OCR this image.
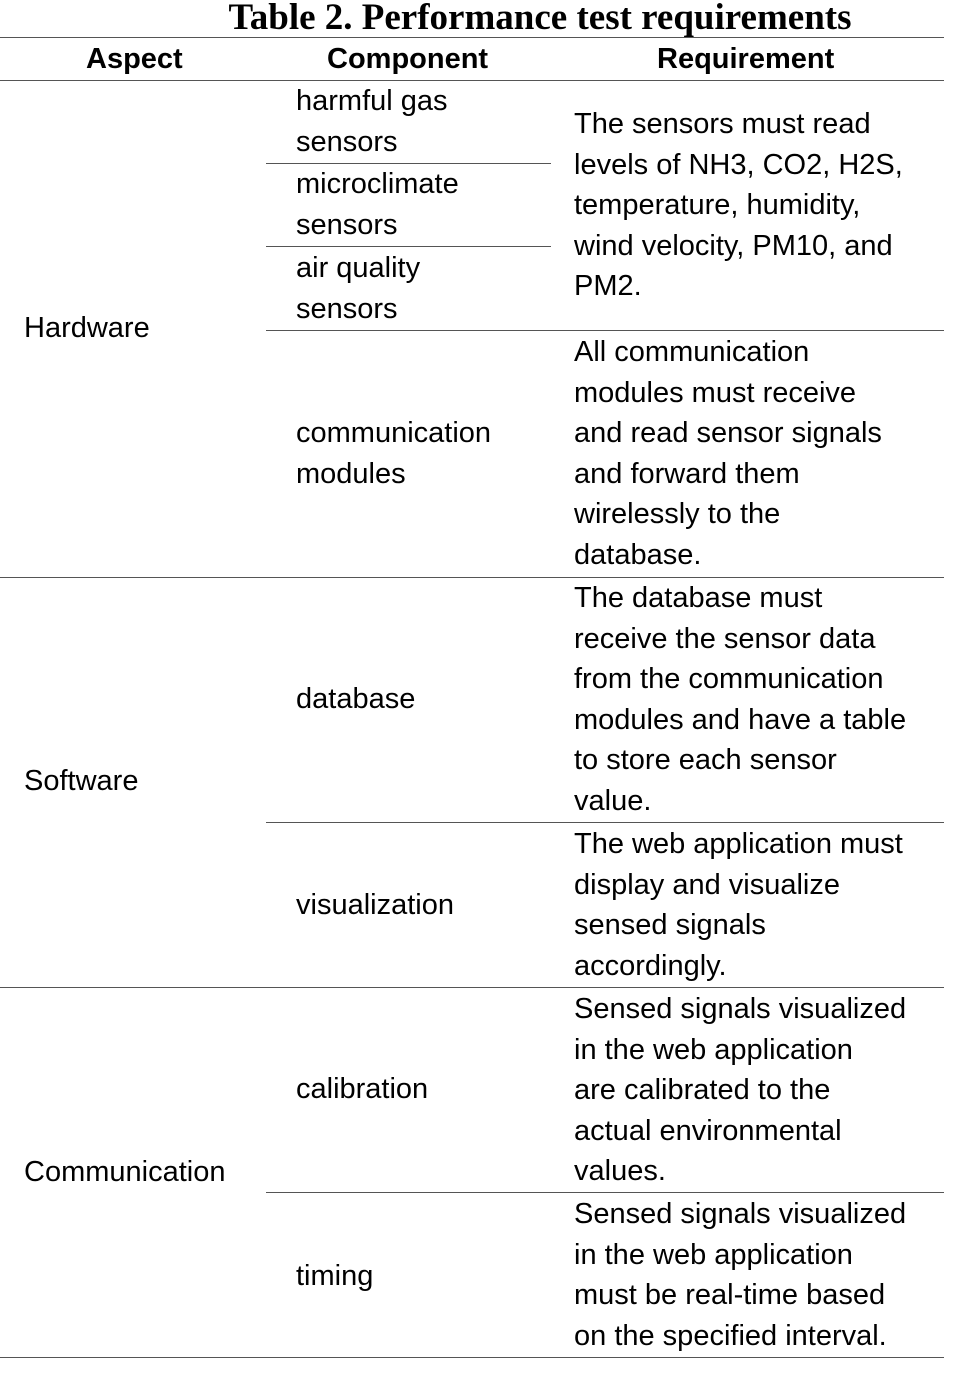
Table 2. Performance test requirements
Aspect	Component	Requirement
Hardware
Software
Communication
harmful gas
sensors
microclimate
sensors
air quality
sensors
communication
modules
database
visualization
calibration
timing
The sensors must read
levels of NH3, CO2, H2S,
temperature, humidity,
wind velocity, PM10, and
PM2.
All communication
modules must receive
and read sensor signals
and forward them
wirelessly to the
database.
The database must
receive the sensor data
from the communication
modules and have a table
to store each sensor
value.
The web application must
display and visualize
sensed signals
accordingly.
Sensed signals visualized
in the web application
are calibrated to the
actual environmental
values.
Sensed signals visualized
in the web application
must be real-time based
on the specified interval.
